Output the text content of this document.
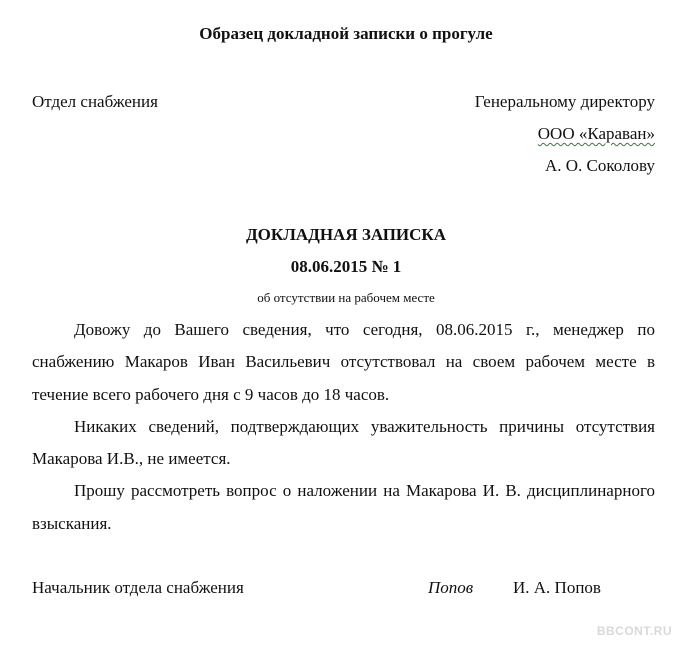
Образец докладной записки о прогуле
Отдел снабжения	Генеральному директору
ООО «Караван»
А. О. Соколову
ДОКЛАДНАЯ ЗАПИСКА
08.06.2015 № 1
об отсутствии на рабочем месте

Довожу до Вашего сведения, что сегодня, 08.06.2015 г., менеджер по снабжению Макаров Иван Васильевич отсутствовал на своем рабочем месте в течение всего рабочего дня с 9 часов до 18 часов.

Никаких сведений, подтверждающих уважительность причины отсутствия Макарова И.В., не имеется.

Прошу рассмотреть вопрос о наложении на Макарова И. В. дисциплинарного взыскания.

Начальник отдела снабжения	Попов И. А. Попов
BBCONT.RU
